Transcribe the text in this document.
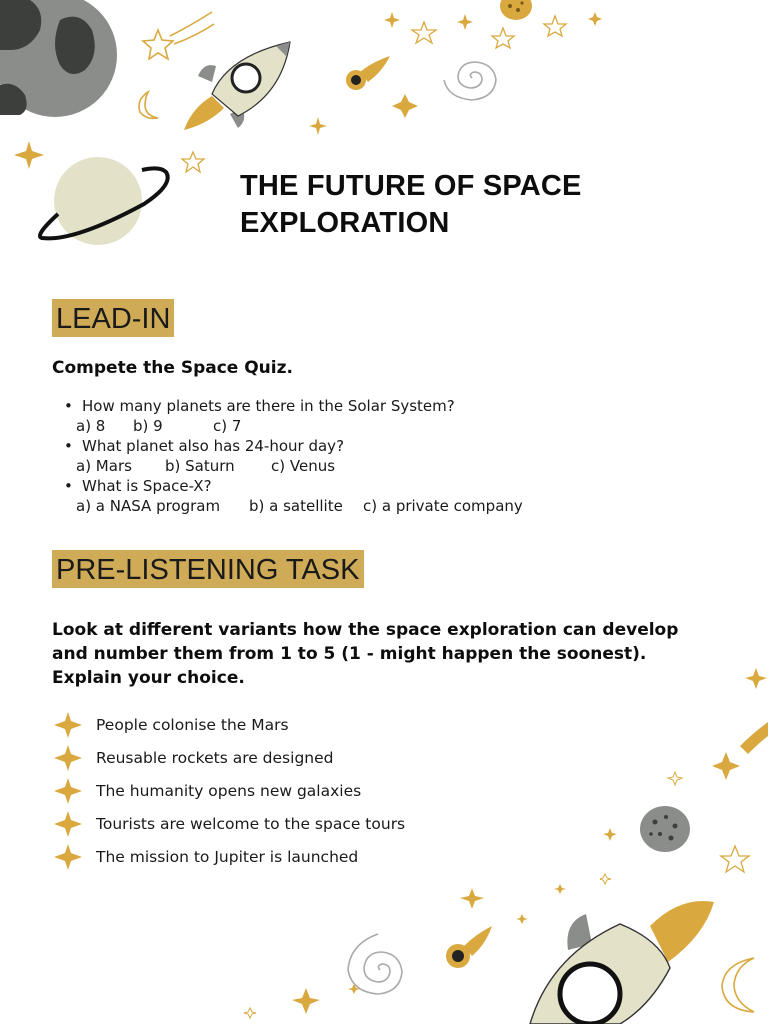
THE FUTURE OF SPACE EXPLORATION
LEAD-IN
Compete the Space Quiz.
• How many planets are there in the Solar System?
a) 8	b) 9	c) 7
• What planet also has 24-hour day?
a) Mars	b) Saturn	c) Venus
• What is Space-X?
a) a NASA program	b) a satellite	c) a private company
PRE-LISTENING TASK
Look at different variants how the space exploration can develop and number them from 1 to 5 (1 - might happen the soonest). Explain your choice.
People colonise the Mars
Reusable rockets are designed
The humanity opens new galaxies
Tourists are welcome to the space tours
The mission to Jupiter is launched
